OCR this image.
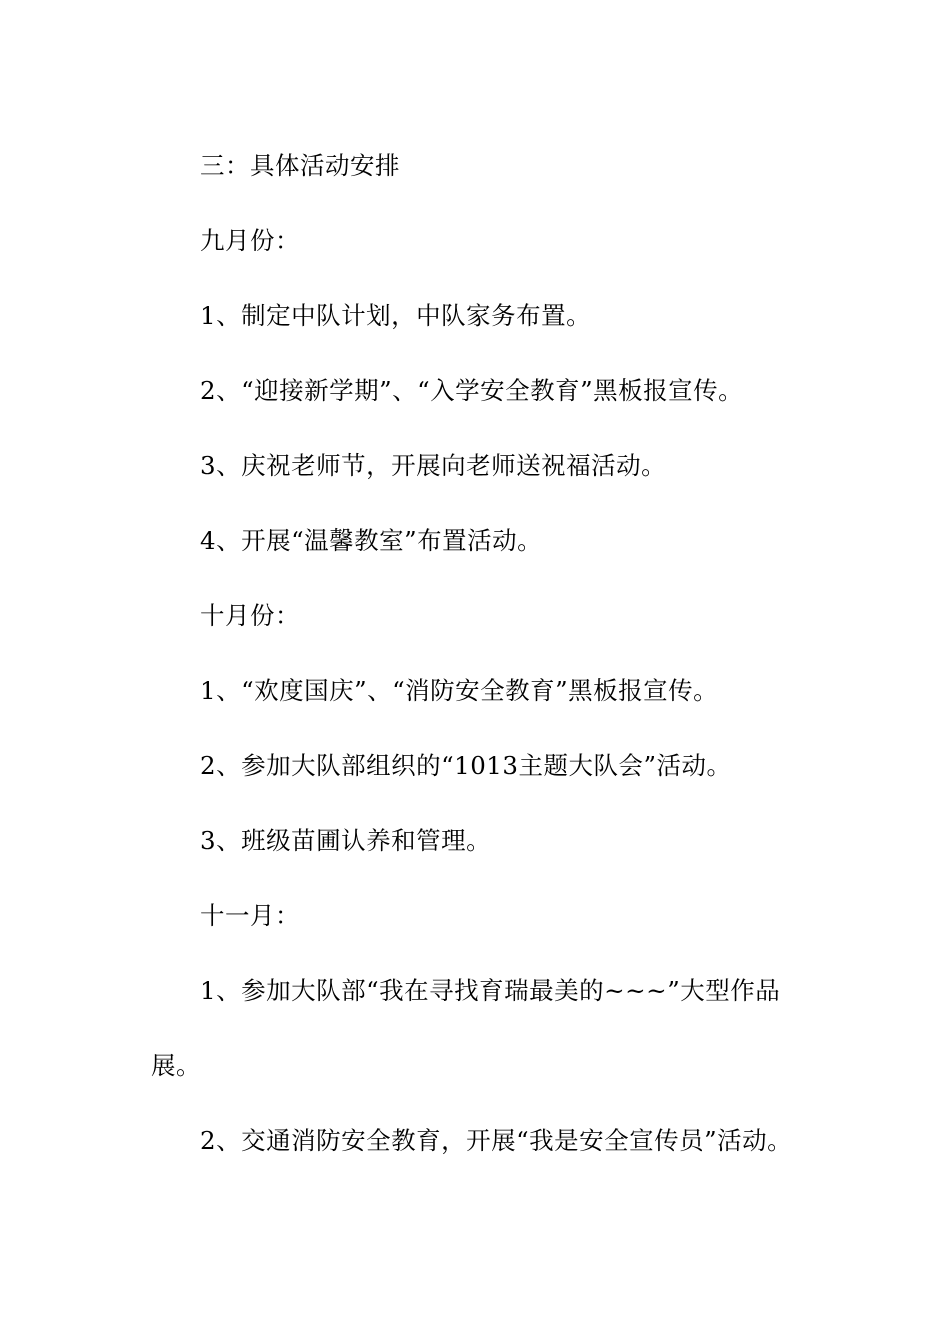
三：具体活动安排

九月份：

1、制定中队计划，中队家务布置。

2、“迎接新学期”、“入学安全教育”黑板报宣传。

3、庆祝老师节，开展向老师送祝福活动。

4、开展“温馨教室”布置活动。

十月份：

1、“欢度国庆”、“消防安全教育”黑板报宣传。

2、参加大队部组织的“1013主题大队会”活动。

3、班级苗圃认养和管理。

十一月：

1、参加大队部“我在寻找育瑞最美的~~~”大型作品展。

2、交通消防安全教育，开展“我是安全宣传员”活动。
